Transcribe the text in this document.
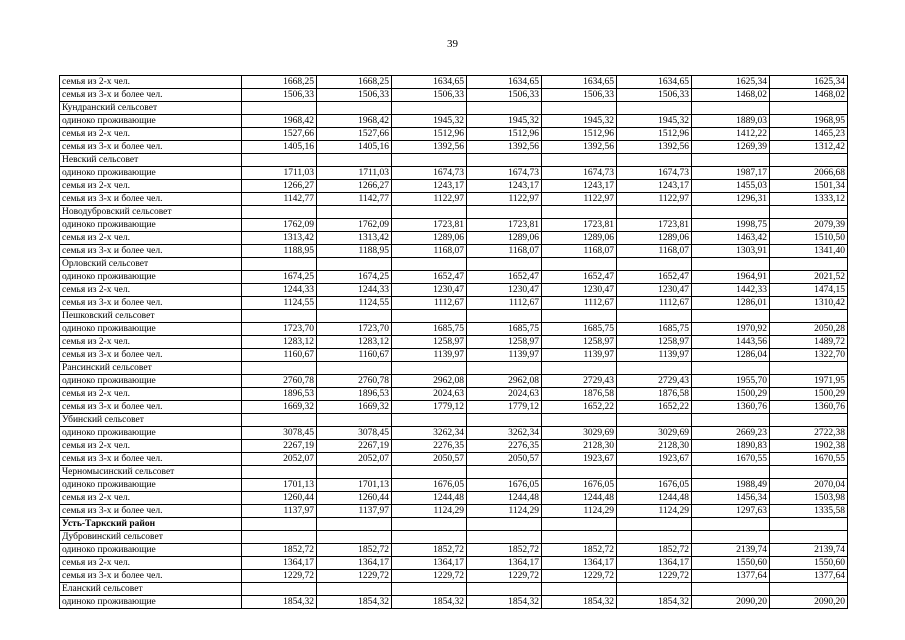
39
семья из 2-х чел.	1668,25	1668,25	1634,65	1634,65	1634,65	1634,65	1625,34	1625,34
семья из 3-х и более чел.	1506,33	1506,33	1506,33	1506,33	1506,33	1506,33	1468,02	1468,02
Кундранский сельсовет								
одиноко проживающие	1968,42	1968,42	1945,32	1945,32	1945,32	1945,32	1889,03	1968,95
семья из 2-х чел.	1527,66	1527,66	1512,96	1512,96	1512,96	1512,96	1412,22	1465,23
семья из 3-х и более чел.	1405,16	1405,16	1392,56	1392,56	1392,56	1392,56	1269,39	1312,42
Невский сельсовет								
одиноко проживающие	1711,03	1711,03	1674,73	1674,73	1674,73	1674,73	1987,17	2066,68
семья из 2-х чел.	1266,27	1266,27	1243,17	1243,17	1243,17	1243,17	1455,03	1501,34
семья из 3-х и более чел.	1142,77	1142,77	1122,97	1122,97	1122,97	1122,97	1296,31	1333,12
Новодубровский сельсовет								
одиноко проживающие	1762,09	1762,09	1723,81	1723,81	1723,81	1723,81	1998,75	2079,39
семья из 2-х чел.	1313,42	1313,42	1289,06	1289,06	1289,06	1289,06	1463,42	1510,50
семья из 3-х и более чел.	1188,95	1188,95	1168,07	1168,07	1168,07	1168,07	1303,91	1341,40
Орловский сельсовет								
одиноко проживающие	1674,25	1674,25	1652,47	1652,47	1652,47	1652,47	1964,91	2021,52
семья из 2-х чел.	1244,33	1244,33	1230,47	1230,47	1230,47	1230,47	1442,33	1474,15
семья из 3-х и более чел.	1124,55	1124,55	1112,67	1112,67	1112,67	1112,67	1286,01	1310,42
Пешковский сельсовет								
одиноко проживающие	1723,70	1723,70	1685,75	1685,75	1685,75	1685,75	1970,92	2050,28
семья из 2-х чел.	1283,12	1283,12	1258,97	1258,97	1258,97	1258,97	1443,56	1489,72
семья из 3-х и более чел.	1160,67	1160,67	1139,97	1139,97	1139,97	1139,97	1286,04	1322,70
Рансинский сельсовет								
одиноко проживающие	2760,78	2760,78	2962,08	2962,08	2729,43	2729,43	1955,70	1971,95
семья из 2-х чел.	1896,53	1896,53	2024,63	2024,63	1876,58	1876,58	1500,29	1500,29
семья из 3-х и более чел.	1669,32	1669,32	1779,12	1779,12	1652,22	1652,22	1360,76	1360,76
Убинский сельсовет								
одиноко проживающие	3078,45	3078,45	3262,34	3262,34	3029,69	3029,69	2669,23	2722,38
семья из 2-х чел.	2267,19	2267,19	2276,35	2276,35	2128,30	2128,30	1890,83	1902,38
семья из 3-х и более чел.	2052,07	2052,07	2050,57	2050,57	1923,67	1923,67	1670,55	1670,55
Черномысинский сельсовет								
одиноко проживающие	1701,13	1701,13	1676,05	1676,05	1676,05	1676,05	1988,49	2070,04
семья из 2-х чел.	1260,44	1260,44	1244,48	1244,48	1244,48	1244,48	1456,34	1503,98
семья из 3-х и более чел.	1137,97	1137,97	1124,29	1124,29	1124,29	1124,29	1297,63	1335,58
Усть-Таркский район								
Дубровинский сельсовет								
одиноко проживающие	1852,72	1852,72	1852,72	1852,72	1852,72	1852,72	2139,74	2139,74
семья из 2-х чел.	1364,17	1364,17	1364,17	1364,17	1364,17	1364,17	1550,60	1550,60
семья из 3-х и более чел.	1229,72	1229,72	1229,72	1229,72	1229,72	1229,72	1377,64	1377,64
Еланский сельсовет								
одиноко проживающие	1854,32	1854,32	1854,32	1854,32	1854,32	1854,32	2090,20	2090,20
